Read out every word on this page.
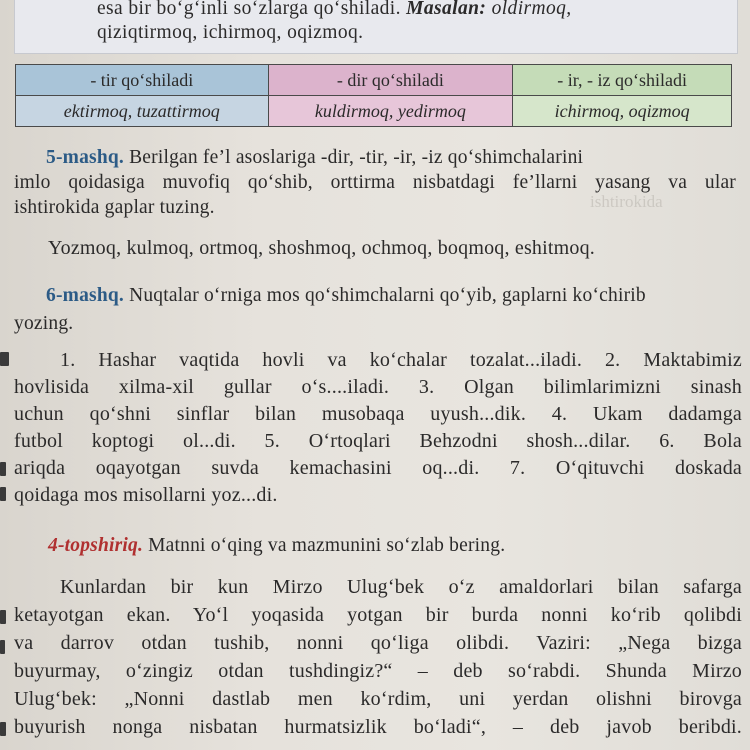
esa bir bo‘g‘inli so‘zlarga qo‘shiladi. Masalan: oldirmoq,
qiziqtirmoq, ichirmoq, oqizmoq.
- tir qo‘shiladi	- dir qo‘shiladi	- ir, - iz qo‘shiladi
ektirmoq, tuzattirmoq	kuldirmoq, yedirmoq	ichirmoq, oqizmoq
ishtirokida
5-mashq. Berilgan fe’l asoslariga -dir, -tir, -ir, -iz qo‘shimchalarini
imlo qoidasiga muvofiq qo‘shib, orttirma nisbatdagi fe’llarni yasang va ular
ishtirokida gaplar tuzing.
Yozmoq, kulmoq, ortmoq, shoshmoq, ochmoq, boqmoq, eshitmoq.
6-mashq. Nuqtalar o‘rniga mos qo‘shimchalarni qo‘yib, gaplarni ko‘chirib
yozing.
1. Hashar vaqtida hovli va ko‘chalar tozalat...iladi. 2. Maktabimiz
hovlisida xilma-xil gullar o‘s....iladi. 3. Olgan bilimlarimizni sinash
uchun qo‘shni sinflar bilan musobaqa uyush...dik. 4. Ukam dadamga
futbol koptogi ol...di. 5. O‘rtoqlari Behzodni shosh...dilar. 6. Bola
ariqda oqayotgan suvda kemachasini oq...di. 7. O‘qituvchi doskada
qoidaga mos misollarni yoz...di.
4-topshiriq. Matnni o‘qing va mazmunini so‘zlab bering.
Kunlardan bir kun Mirzo Ulug‘bek o‘z amaldorlari bilan safarga
ketayotgan ekan. Yo‘l yoqasida yotgan bir burda nonni ko‘rib qolibdi
va darrov otdan tushib, nonni qo‘liga olibdi. Vaziri: „Nega bizga
buyurmay, o‘zingiz otdan tushdingiz?“ – deb so‘rabdi. Shunda Mirzo
Ulug‘bek: „Nonni dastlab men ko‘rdim, uni yerdan olishni birovga
buyurish nonga nisbatan hurmatsizlik bo‘ladi“, – deb javob beribdi.
